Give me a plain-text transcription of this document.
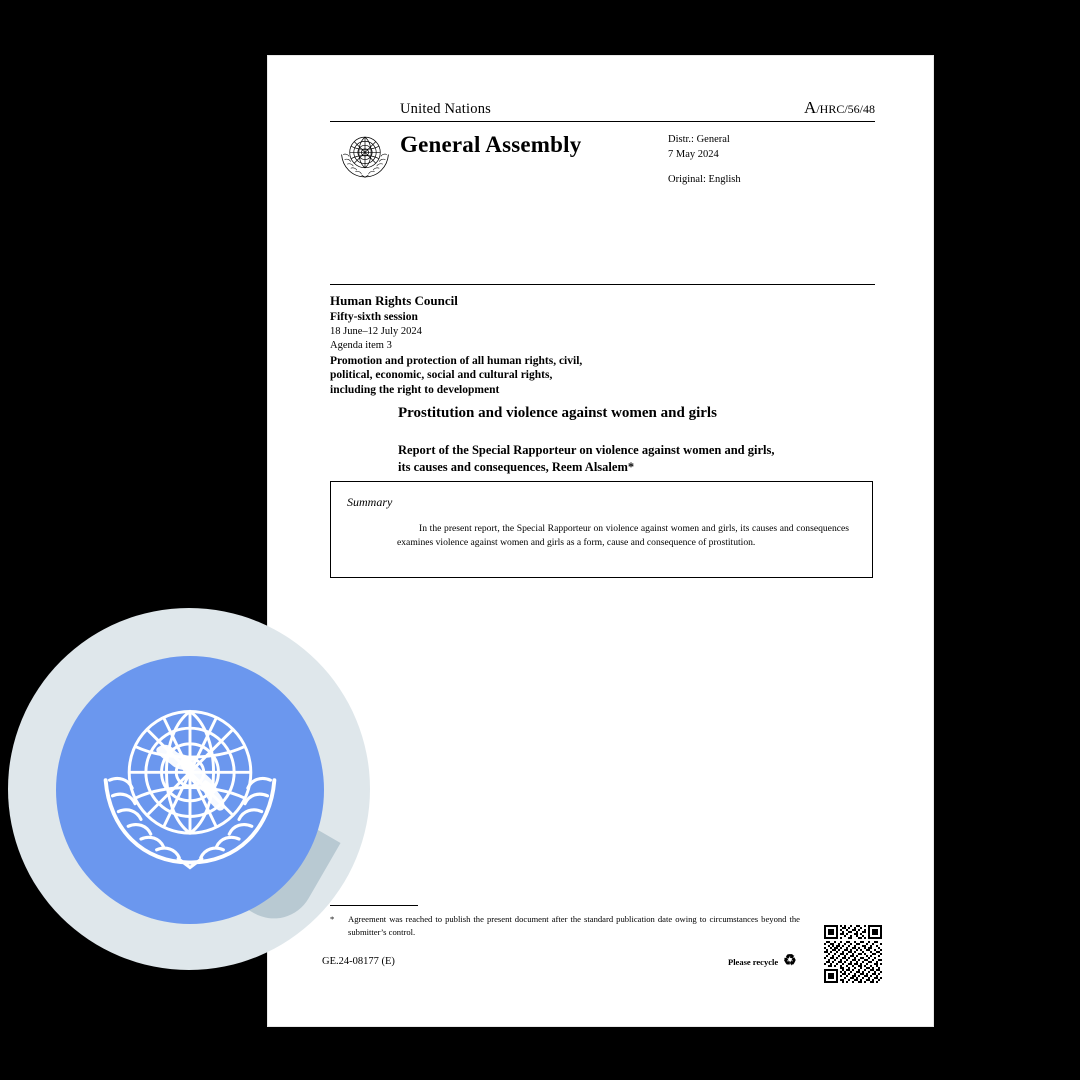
United Nations	A/HRC/56/48
General Assembly	Distr.: General
7 May 2024
Original: English
Human Rights Council
Fifty-sixth session
18 June–12 July 2024
Agenda item 3
Promotion and protection of all human rights, civil,
political, economic, social and cultural rights,
including the right to development
Prostitution and violence against women and girls
Report of the Special Rapporteur on violence against women and girls,
its causes and consequences, Reem Alsalem*
Summary
In the present report, the Special Rapporteur on violence against women and girls, its causes and consequences examines violence against women and girls as a form, cause and consequence of prostitution.
*	Agreement was reached to publish the present document after the standard publication date owing to circumstances beyond the submitter’s control.
GE.24-08177 (E)	Please recycle ♻
